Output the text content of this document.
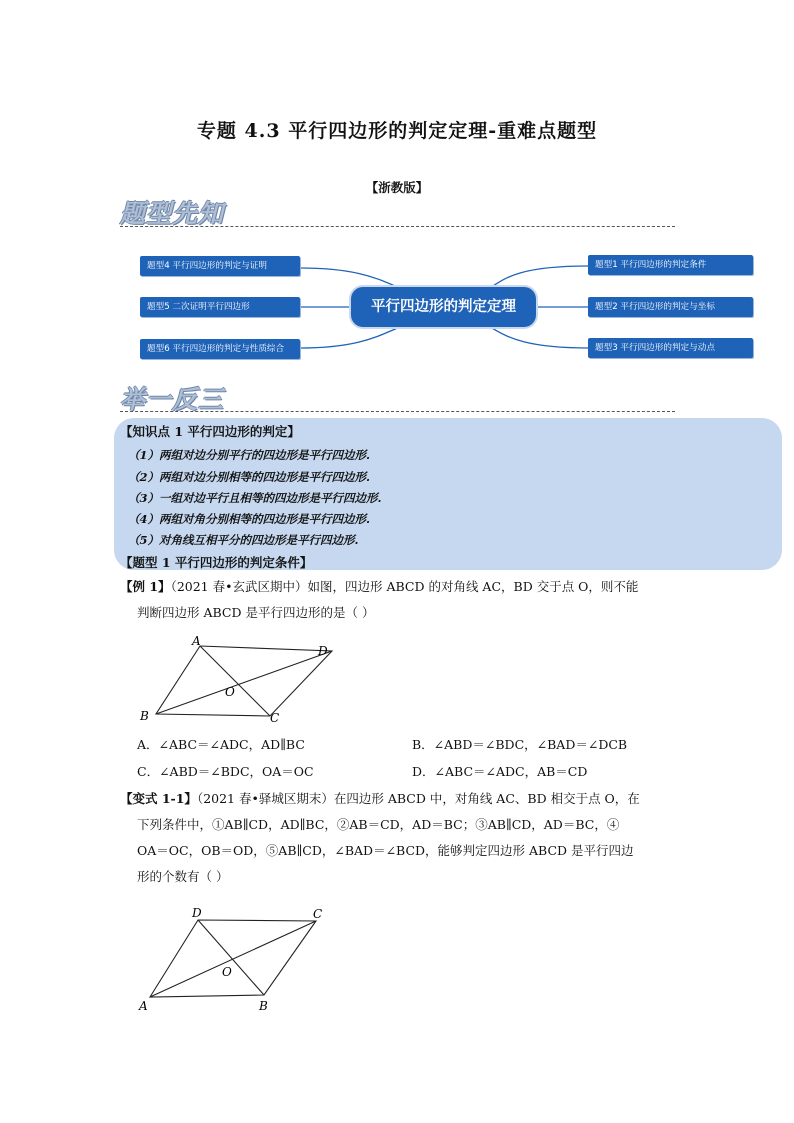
专题 4.3 平行四边形的判定定理-重难点题型
【浙教版】
题型先知
题型4 平行四边形的判定与证明
题型5 二次证明平行四边形
题型6 平行四边形的判定与性质综合
平行四边形的判定定理
题型1 平行四边形的判定条件
题型2 平行四边形的判定与坐标
题型3 平行四边形的判定与动点
举一反三
【知识点 1 平行四边形的判定】
（1）两组对边分别平行的四边形是平行四边形.
（2）两组对边分别相等的四边形是平行四边形.
（3）一组对边平行且相等的四边形是平行四边形.
（4）两组对角分别相等的四边形是平行四边形.
（5）对角线互相平分的四边形是平行四边形.
【题型 1 平行四边形的判定条件】
【例 1】（2021 春•玄武区期中）如图，四边形 ABCD 的对角线 AC，BD 交于点 O，则不能
判断四边形 ABCD 是平行四边形的是（ ）
A
D
B	C
O
A．∠ABC＝∠ADC，AD∥BC	B．∠ABD＝∠BDC，∠BAD＝∠DCB
C．∠ABD＝∠BDC，OA＝OC	D．∠ABC＝∠ADC，AB＝CD
【变式 1-1】（2021 春•驿城区期末）在四边形 ABCD 中，对角线 AC、BD 相交于点 O，在
下列条件中，①AB∥CD，AD∥BC，②AB＝CD，AD＝BC；③AB∥CD，AD＝BC，④
OA＝OC，OB＝OD，⑤AB∥CD，∠BAD＝∠BCD，能够判定四边形 ABCD 是平行四边
形的个数有（ ）
D	C
A	B
O
